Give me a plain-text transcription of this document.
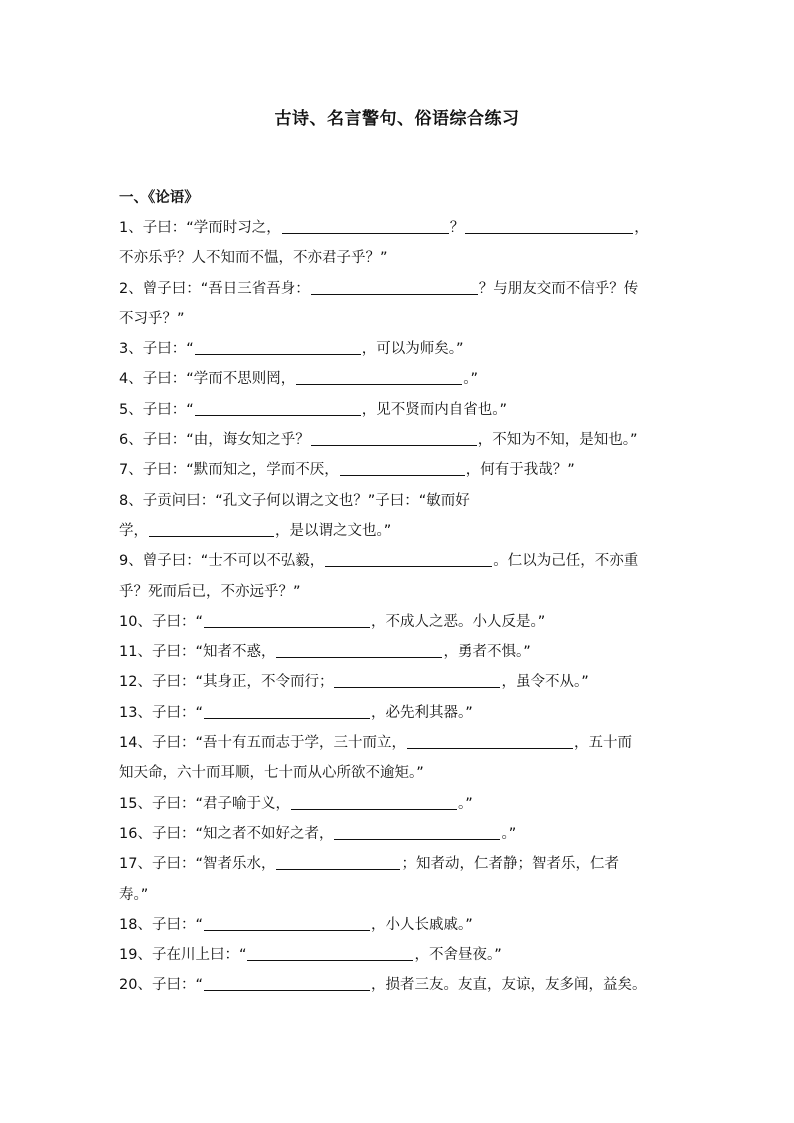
古诗、名言警句、俗语综合练习
一、《论语》
1、子曰：“学而时习之，	？	，
不亦乐乎？人不知而不愠，不亦君子乎？”
2、曾子曰：“吾日三省吾身：	？与朋友交而不信乎？传
不习乎？”
3、子曰：“	，可以为师矣。”
4、子曰：“学而不思则罔，	。”
5、子曰：“	，见不贤而内自省也。”
6、子曰：“由，诲女知之乎？	，不知为不知，是知也。”
7、子曰：“默而知之，学而不厌，	，何有于我哉？”
8、子贡问曰：“孔文子何以谓之文也？”子曰：“敏而好
学，	，是以谓之文也。”
9、曾子曰：“士不可以不弘毅，	。仁以为己任，不亦重
乎？死而后已，不亦远乎？”
10、子曰：“	，不成人之恶。小人反是。”
11、子曰：“知者不惑，	，勇者不惧。”
12、子曰：“其身正，不令而行；	，虽令不从。”
13、子曰：“	，必先利其器。”
14、子曰：“吾十有五而志于学，三十而立，	，五十而
知天命，六十而耳顺，七十而从心所欲不逾矩。”
15、子曰：“君子喻于义，	。”
16、子曰：“知之者不如好之者，	。”
17、子曰：“智者乐水，	；知者动，仁者静；智者乐，仁者
寿。”
18、子曰：“	，小人长戚戚。”
19、子在川上曰：“	，不舍昼夜。”
20、子曰：“	，损者三友。友直，友谅，友多闻，益矣。
